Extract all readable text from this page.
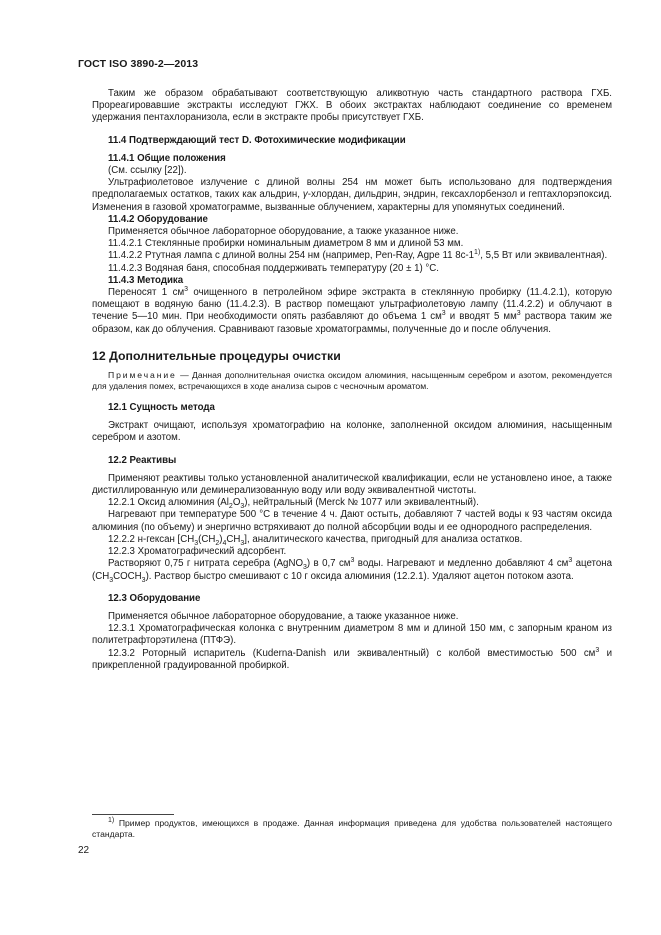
ГОСТ ISO 3890-2—2013

Таким же образом обрабатывают соответствующую аликвотную часть стандартного раствора ГХБ. Прореагировавшие экстракты исследуют ГЖХ. В обоих экстрактах наблюдают соединение со временем удержания пентахлоранизола, если в экстракте пробы присутствует ГХБ.

11.4 Подтверждающий тест D. Фотохимические модификации

11.4.1 Общие положения

(См. ссылку [22]).

Ультрафиолетовое излучение с длиной волны 254 нм может быть использовано для подтверждения предполагаемых остатков, таких как альдрин, γ-хлордан, дильдрин, эндрин, гексахлорбензол и гептахлорэпоксид. Изменения в газовой хроматограмме, вызванные облучением, характерны для упомянутых соединений.

11.4.2 Оборудование

Применяется обычное лабораторное оборудование, а также указанное ниже.

11.4.2.1 Стеклянные пробирки номинальным диаметром 8 мм и длиной 53 мм.

11.4.2.2 Ртутная лампа с длиной волны 254 нм (например, Pen-Ray, Agpe 11 8c-1$^{1)}$, 5,5 Вт или эквивалентная).

11.4.2.3 Водяная баня, способная поддерживать температуру (20 ± 1) °C.

11.4.3 Методика

Переносят 1 $см^3$ очищенного в петролейном эфире экстракта в стеклянную пробирку (11.4.2.1), которую помещают в водяную баню (11.4.2.3). В раствор помещают ультрафиолетовую лампу (11.4.2.2) и облучают в течение 5—10 мин. При необходимости опять разбавляют до объема 1 $см^3$ и вводят 5 $мм^3$ раствора таким же образом, как до облучения. Сравнивают газовые хроматограммы, полученные до и после облучения.

12 Дополнительные процедуры очистки

Примечание — Данная дополнительная очистка оксидом алюминия, насыщенным серебром и азотом, рекомендуется для удаления помех, встречающихся в ходе анализа сыров с чесночным ароматом.

12.1 Сущность метода

Экстракт очищают, используя хроматографию на колонке, заполненной оксидом алюминия, насыщенным серебром и азотом.

12.2 Реактивы

Применяют реактивы только установленной аналитической квалификации, если не установлено иное, а также дистиллированную или деминерализованную воду или воду эквивалентной чистоты.

12.2.1 Оксид алюминия $(Al_2O_3)$, нейтральный (Merck № 1077 или эквивалентный).

Нагревают при температуре 500 °C в течение 4 ч. Дают остыть, добавляют 7 частей воды к 93 частям оксида алюминия (по объему) и энергично встряхивают до полной абсорбции воды и ее однородного распределения.

12.2.2 н-гексан $[CH_3(CH_2)_4CH_3]$, аналитического качества, пригодный для анализа остатков.

12.2.3 Хроматографический адсорбент.

Растворяют 0,75 г нитрата серебра (AgNO$_3$) в 0,7 $см^3$ воды. Нагревают и медленно добавляют 4 $см^3$ ацетона $(CH_3COCH_3)$. Раствор быстро смешивают с 10 г оксида алюминия (12.2.1). Удаляют ацетон потоком азота.

12.3 Оборудование

Применяется обычное лабораторное оборудование, а также указанное ниже.

12.3.1 Хроматографическая колонка с внутренним диаметром 8 мм и длиной 150 мм, с запорным краном из политетрафторэтилена (ПТФЭ).

12.3.2 Роторный испаритель (Kuderna-Danish или эквивалентный) с колбой вместимостью 500 $см^3$ и прикрепленной градуированной пробиркой.

$^{1)}$ Пример продуктов, имеющихся в продаже. Данная информация приведена для удобства пользователей настоящего стандарта.
22
